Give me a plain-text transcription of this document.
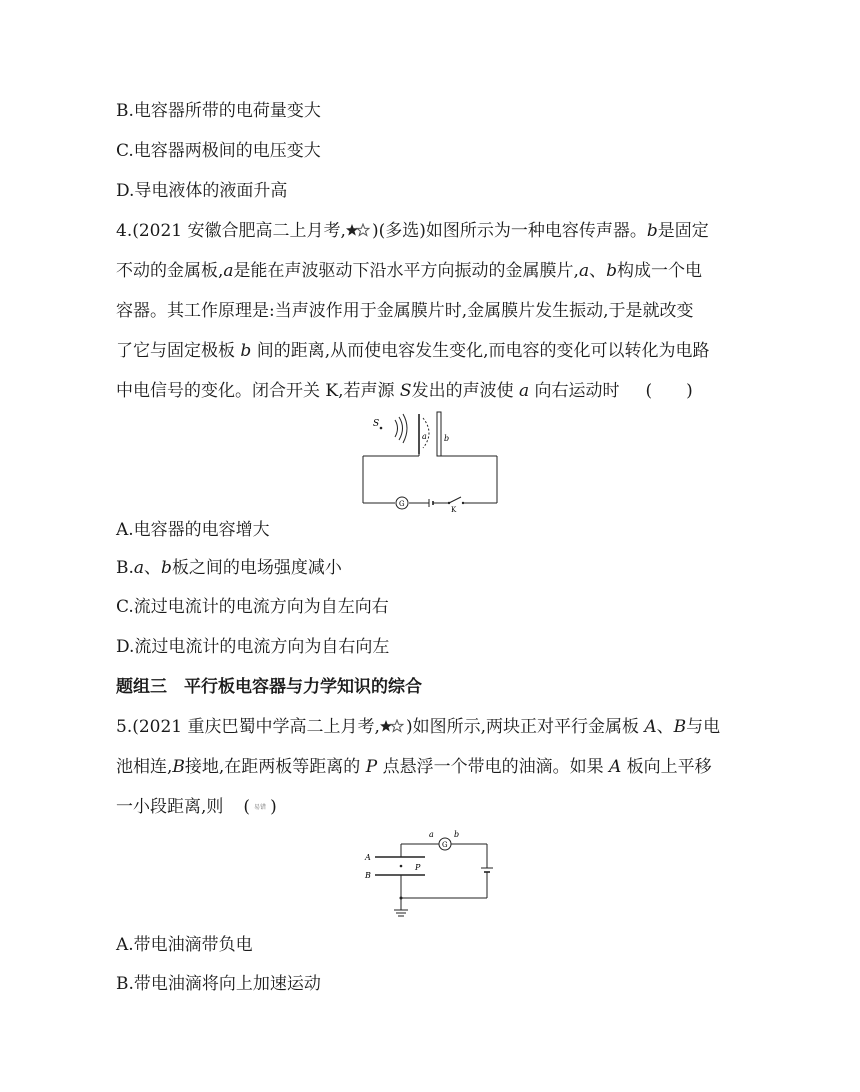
B.电容器所带的电荷量变大
C.电容器两极间的电压变大
D.导电液体的液面升高
4.(2021 安徽合肥高二上月考, )(多选)如图所示为一种电容传声器。b是固定
不动的金属板,a是能在声波驱动下沿水平方向振动的金属膜片,a、b构成一个电
容器。其工作原理是:当声波作用于金属膜片时,金属膜片发生振动,于是就改变
了它与固定极板 b 间的距离,从而使电容发生变化,而电容的变化可以转化为电路
中电信号的变化。闭合开关 K,若声源 S发出的声波使 a 向右运动时 (　　)
S
a b
G
K
A.电容器的电容增大
B.a、b板之间的电场强度减小
C.流过电流计的电流方向为自左向右
D.流过电流计的电流方向为自右向左
题组三　平行板电容器与力学知识的综合
5.(2021 重庆巴蜀中学高二上月考, )如图所示,两块正对平行金属板 A、B与电
池相连,B接地,在距两板等距离的 P 点悬浮一个带电的油滴。如果 A 板向上平移
一小段距离,则 ( 易错 )
a	b
G
A
B
P
A.带电油滴带负电
B.带电油滴将向上加速运动
